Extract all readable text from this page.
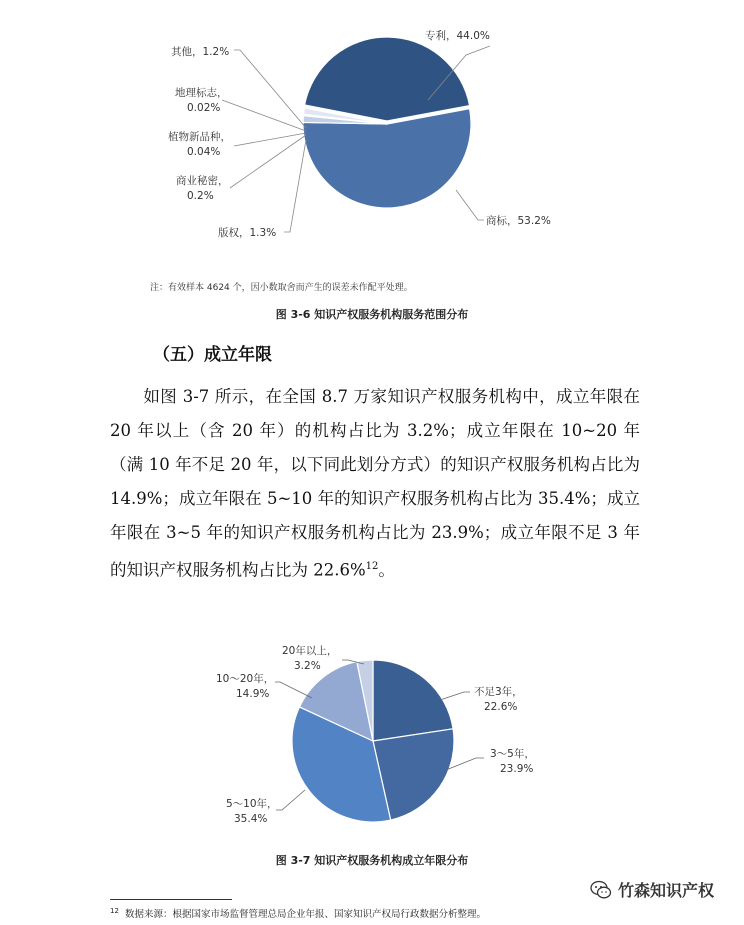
专利，44.0%
商标，53.2%
版权，1.3%
商业秘密，
0.2%
植物新品种，
0.04%
地理标志，
0.02%
其他，1.2%
注：有效样本 4624 个，因小数取舍而产生的误差未作配平处理。
图 3-6 知识产权服务机构服务范围分布
（五）成立年限
如图 3-7 所示，在全国 8.7 万家知识产权服务机构中，成立年限在 20 年以上（含 20 年）的机构占比为 3.2%；成立年限在 10~20 年（满 10 年不足 20 年，以下同此划分方式）的知识产权服务机构占比为 14.9%；成立年限在 5~10 年的知识产权服务机构占比为 35.4%；成立年限在 3~5 年的知识产权服务机构占比为 23.9%；成立年限不足 3 年的知识产权服务机构占比为 22.6%$^{12}$。
不足3年，
22.6%
3～5年，
23.9%
5～10年，
35.4%
10～20年，
14.9%
20年以上，
3.2%
图 3-7 知识产权服务机构成立年限分布
竹森知识产权
$^{12}$ 数据来源：根据国家市场监督管理总局企业年报、国家知识产权局行政数据分析整理。
